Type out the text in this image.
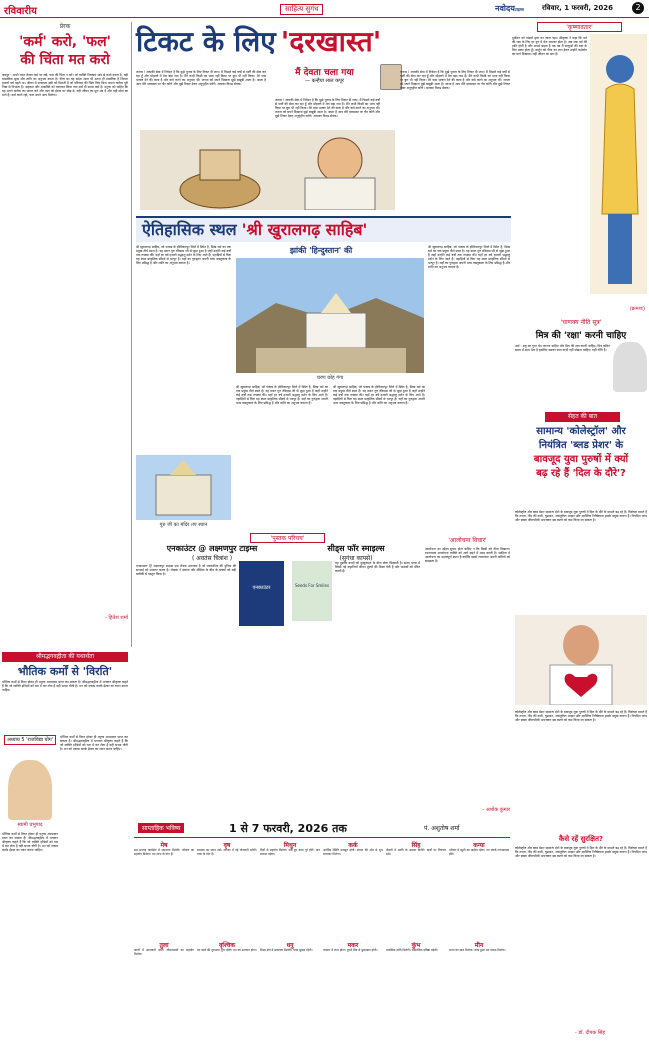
रविवारीय	साहित्य सुगंध	नवोदयटाइम्स	रविवार, 1 फरवरी, 2026	2
प्रेरक
'कर्म' करो, 'फल'
की चिंता मत करो
जयपुर : अपने ध्यान केवल कर्म पर रखें, फल की चिंता न करें। जो व्यक्ति निष्काम भाव से कार्य करता है, वही वास्तविक सुख और शांति का अनुभव करता है। गीता का यह संदेश आज भी उतना ही प्रासंगिक है जितना हजारों वर्ष पहले था। जीवन में सफलता उसी को मिलती है जो परिणाम की चिंता किए बिना अपना कर्तव्य पूरी निष्ठा से निभाता है। अहंकार और आसक्ति को त्यागकर किया गया कर्म ही सच्चा कर्म है। मनुष्य को चाहिए कि वह अपने कर्तव्य का पालन करे और फल को ईश्वर पर छोड़ दे। यही जीवन का मूल मंत्र है और यही मोक्ष का मार्ग है। कर्म करते रहो, फल अपने आप मिलेगा।
- हितेश शर्मा
टिकट के लिए 'दरखास्त'
मैं देवता चला गया
— कन्हैया लाल कपूर
जनाब ! आपकी सेवा में निवेदन है कि मुझे चुनाव के लिए टिकट दी जाए। मैं पिछले कई वर्षों से पार्टी की सेवा कर रहा हूँ और मोहल्ले में मेरा बड़ा नाम है। मैंने कभी किसी का भला नहीं किया पर बुरा भी नहीं किया। मेरे पास भाषण देने की कला है और वादे करने का अनुभव भी। जनता को सपने दिखाना मुझे बखूबी आता है। आशा है आप मेरी दरखास्त पर गौर करेंगे और मुझे टिकट देकर अनुगृहीत करेंगे। आपका विनम्र सेवक।
जनाब ! आपकी सेवा में निवेदन है कि मुझे चुनाव के लिए टिकट दी जाए। मैं पिछले कई वर्षों से पार्टी की सेवा कर रहा हूँ और मोहल्ले में मेरा बड़ा नाम है। मैंने कभी किसी का भला नहीं किया पर बुरा भी नहीं किया। मेरे पास भाषण देने की कला है और वादे करने का अनुभव भी। जनता को सपने दिखाना मुझे बखूबी आता है। आशा है आप मेरी दरखास्त पर गौर करेंगे और मुझे टिकट देकर अनुगृहीत करेंगे। आपका विनम्र सेवक।
जनाब ! आपकी सेवा में निवेदन है कि मुझे चुनाव के लिए टिकट दी जाए। मैं पिछले कई वर्षों से पार्टी की सेवा कर रहा हूँ और मोहल्ले में मेरा बड़ा नाम है। मैंने कभी किसी का भला नहीं किया पर बुरा भी नहीं किया। मेरे पास भाषण देने की कला है और वादे करने का अनुभव भी। जनता को सपने दिखाना मुझे बखूबी आता है। आशा है आप मेरी दरखास्त पर गौर करेंगे और मुझे टिकट देकर अनुगृहीत करेंगे। आपका विनम्र सेवक।
'कृष्णावतार'
दुर्योधन को पांडवों द्वारा वन जाना पड़ा। श्रीकृष्ण ने कहा कि धर्म की रक्षा के लिए हर युग में मेरा अवतार होता है। जब जब धर्म की हानि होती है और अधर्म बढ़ता है तब तब मैं साधुओं की रक्षा के लिए प्रकट होता हूँ। अर्जुन को गीता का ज्ञान देकर उन्होंने कर्मयोग का मार्ग दिखाया। यही जीवन का सार है।
(क्रमशः)
ऐतिहासिक स्थल 'श्री खुरालगढ़ साहिब'
झांकी 'हिन्दुस्तान' की
श्री खुरालगढ़ साहिब, जो पंजाब के होशियारपुर जिले में स्थित है, सिख धर्म का एक प्रमुख तीर्थ स्थल है। यह स्थान गुरु रविदास जी से जुड़ा हुआ है जहाँ उन्होंने कई वर्षों तक तपस्या की। यहाँ हर वर्ष हजारों श्रद्धालु दर्शन के लिए आते हैं। पहाड़ियों से घिरा यह स्थल प्राकृतिक सौंदर्य से भरपूर है। यहाँ का गुरुद्वारा अपनी भव्य वास्तुकला के लिए प्रसिद्ध है और शांति का अनुभव कराता है।
चरण छोह गंगा
गुरु जी का मंदिर तप स्थान
श्री खुरालगढ़ साहिब, जो पंजाब के होशियारपुर जिले में स्थित है, सिख धर्म का एक प्रमुख तीर्थ स्थल है। यह स्थान गुरु रविदास जी से जुड़ा हुआ है जहाँ उन्होंने कई वर्षों तक तपस्या की। यहाँ हर वर्ष हजारों श्रद्धालु दर्शन के लिए आते हैं। पहाड़ियों से घिरा यह स्थल प्राकृतिक सौंदर्य से भरपूर है। यहाँ का गुरुद्वारा अपनी भव्य वास्तुकला के लिए प्रसिद्ध है और शांति का अनुभव कराता है।
श्री खुरालगढ़ साहिब, जो पंजाब के होशियारपुर जिले में स्थित है, सिख धर्म का एक प्रमुख तीर्थ स्थल है। यह स्थान गुरु रविदास जी से जुड़ा हुआ है जहाँ उन्होंने कई वर्षों तक तपस्या की। यहाँ हर वर्ष हजारों श्रद्धालु दर्शन के लिए आते हैं। पहाड़ियों से घिरा यह स्थल प्राकृतिक सौंदर्य से भरपूर है। यहाँ का गुरुद्वारा अपनी भव्य वास्तुकला के लिए प्रसिद्ध है और शांति का अनुभव कराता है।
श्री खुरालगढ़ साहिब, जो पंजाब के होशियारपुर जिले में स्थित है, सिख धर्म का एक प्रमुख तीर्थ स्थल है। यह स्थान गुरु रविदास जी से जुड़ा हुआ है जहाँ उन्होंने कई वर्षों तक तपस्या की। यहाँ हर वर्ष हजारों श्रद्धालु दर्शन के लिए आते हैं। पहाड़ियों से घिरा यह स्थल प्राकृतिक सौंदर्य से भरपूर है। यहाँ का गुरुद्वारा अपनी भव्य वास्तुकला के लिए प्रसिद्ध है और शांति का अनुभव कराता है।
'चाणक्य नीति सूत्र'
मित्र की 'रक्षा' करनी चाहिए
अर्थ : शत्रु का गुप्त भेद जानना चाहिए और मित्र की रक्षा करनी चाहिए। मित्र कठिन समय में साथ देता है इसलिए उसका साथ कभी नहीं छोड़ना चाहिए। यही नीति है।
सेहत की बात
सामान्य 'कोलेस्ट्रॉल' और
नियंत्रित 'ब्लड प्रेशर' के
बावजूद युवा पुरुषों में क्यों
बढ़ रहे हैं 'दिल के दौरे'?
कोलेस्ट्रॉल और ब्लड प्रेशर सामान्य होने के बावजूद युवा पुरुषों में दिल के दौरे के मामले बढ़ रहे हैं। विशेषज्ञ मानते हैं कि तनाव, नींद की कमी, धूम्रपान, असंतुलित आहार और शारीरिक निष्क्रियता इसके प्रमुख कारण हैं। नियमित जांच और स्वस्थ जीवनशैली अपनाकर इस खतरे को कम किया जा सकता है।
कोलेस्ट्रॉल और ब्लड प्रेशर सामान्य होने के बावजूद युवा पुरुषों में दिल के दौरे के मामले बढ़ रहे हैं। विशेषज्ञ मानते हैं कि तनाव, नींद की कमी, धूम्रपान, असंतुलित आहार और शारीरिक निष्क्रियता इसके प्रमुख कारण हैं। नियमित जांच और स्वस्थ जीवनशैली अपनाकर इस खतरे को कम किया जा सकता है।
कैसे रहें सुरक्षित?
कोलेस्ट्रॉल और ब्लड प्रेशर सामान्य होने के बावजूद युवा पुरुषों में दिल के दौरे के मामले बढ़ रहे हैं। विशेषज्ञ मानते हैं कि तनाव, नींद की कमी, धूम्रपान, असंतुलित आहार और शारीरिक निष्क्रियता इसके प्रमुख कारण हैं। नियमित जांच और स्वस्थ जीवनशैली अपनाकर इस खतरे को कम किया जा सकता है।
- डॉ. दीपक सिंह
'पुस्तक परिचय'
एनकाउंटर @ लक्ष्मणपुर टाइम्स
( अवतंस चित्रांश )
एनकाउंटर @ लक्ष्मणपुर टाइम्स एक रोचक उपन्यास है जो पत्रकारिता की दुनिया की सच्चाई को उजागर करता है। लेखक ने समाज और मीडिया के बीच के संबंधों को बड़ी बारीकी से प्रस्तुत किया है।
एनकाउंटर
सीड्स फॉर स्माइल्स
(सुगंधा कापसे)
Seeds For Smiles
यह पुस्तक बच्चों को मुस्कुराहट के बीज बोना सिखाती है। सरल भाषा में लिखी गई कहानियाँ जीवन मूल्यों की शिक्षा देती हैं और पाठकों को प्रेरित करती हैं।
'आलोचना विचार'
आलोचना का उद्देश्य सुधार होना चाहिए न कि किसी को नीचा दिखाना। रचनात्मक आलोचना व्यक्ति को आगे बढ़ने में मदद करती है। साहित्य में आलोचना का महत्वपूर्ण स्थान है क्योंकि इससे रचनाकार अपनी कमियों को समझता है।
- अशोक कुमार
श्रीमद्भगवद्गीता की यथार्थता
भौतिक कर्मों से 'विरति'
भौतिक कर्मों से विरत होकर ही मनुष्य आत्मज्ञान प्राप्त कर सकता है। श्रीमद्भगवद्गीता में भगवान श्रीकृष्ण कहते हैं कि जो व्यक्ति इन्द्रियों को वश में कर लेता है वही सच्चा योगी है। मन को एकाग्र करके ईश्वर का ध्यान करना चाहिए।
अध्याय 5 'राजविद्या योग'
स्वामी प्रभुपाद
भौतिक कर्मों से विरत होकर ही मनुष्य आत्मज्ञान प्राप्त कर सकता है। श्रीमद्भगवद्गीता में भगवान श्रीकृष्ण कहते हैं कि जो व्यक्ति इन्द्रियों को वश में कर लेता है वही सच्चा योगी है। मन को एकाग्र करके ईश्वर का ध्यान करना चाहिए।
भौतिक कर्मों से विरत होकर ही मनुष्य आत्मज्ञान प्राप्त कर सकता है। श्रीमद्भगवद्गीता में भगवान श्रीकृष्ण कहते हैं कि जो व्यक्ति इन्द्रियों को वश में कर लेता है वही सच्चा योगी है। मन को एकाग्र करके ईश्वर का ध्यान करना चाहिए।
साप्ताहिक भविष्य	1 से 7 फरवरी, 2026 तक	पं. अशुतोष शर्मा
मेष
इस सप्ताह कार्यक्षेत्र में सफलता मिलेगी। परिवार का सहयोग मिलेगा। धन लाभ के योग हैं।
वृष
स्वास्थ्य का ध्यान रखें। व्यापार में नई योजनाएँ बनेंगी। यात्रा के योग हैं।
मिथुन
मित्रों से सहयोग मिलेगा। रुके हुए काम पूरे होंगे। मान सम्मान बढ़ेगा।
कर्क
आर्थिक स्थिति मजबूत होगी। संतान की ओर से शुभ समाचार मिलेगा।
सिंह
नौकरी में उन्नति के अवसर मिलेंगे। खर्चों पर नियंत्रण रखें।
कन्या
परिवार में खुशी का माहौल रहेगा। नए संपर्क लाभदायक होंगे।
तुला
कार्यों में सावधानी बरतें। जीवनसाथी का सहयोग मिलेगा।
वृश्चिक
नए कार्य की शुरुआत शुभ रहेगी। धन का आगमन होगा।
धनु
शिक्षा क्षेत्र में सफलता मिलेगी। यात्रा सुखद रहेगी।
मकर
व्यापार में लाभ होगा। पुराने मित्र से मुलाकात होगी।
कुंभ
मानसिक शांति मिलेगी। सामाजिक प्रतिष्ठा बढ़ेगी।
मीन
भाग्य का साथ मिलेगा। रुका हुआ धन वापस मिलेगा।
